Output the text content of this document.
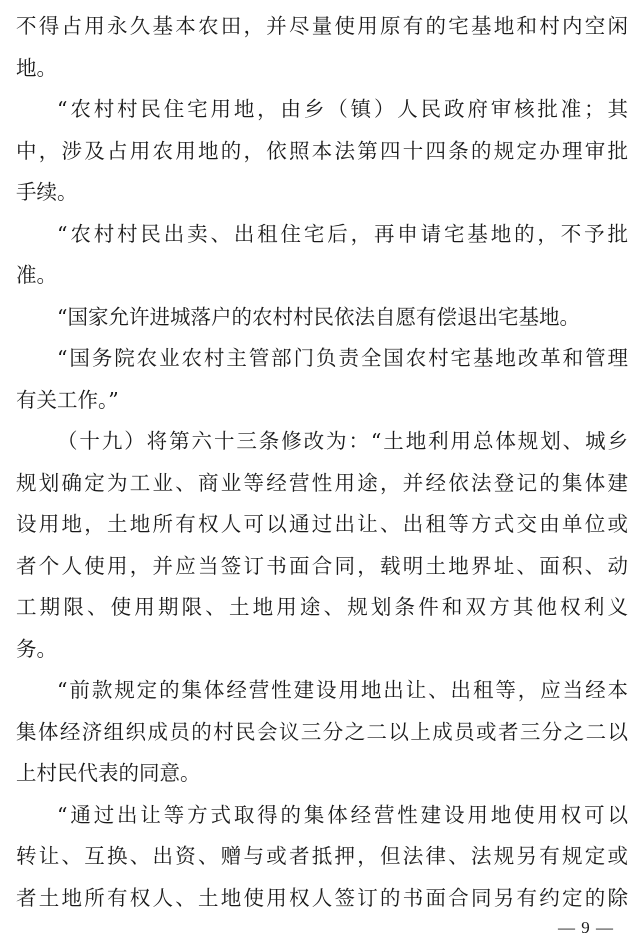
不得占用永久基本农田，并尽量使用原有的宅基地和村内空闲
地。
“农村村民住宅用地，由乡（镇）人民政府审核批准；其
中，涉及占用农用地的，依照本法第四十四条的规定办理审批
手续。
“农村村民出卖、出租住宅后，再申请宅基地的，不予批
准。
“国家允许进城落户的农村村民依法自愿有偿退出宅基地。
“国务院农业农村主管部门负责全国农村宅基地改革和管理
有关工作。”
（十九）将第六十三条修改为：“土地利用总体规划、城乡
规划确定为工业、商业等经营性用途，并经依法登记的集体建
设用地，土地所有权人可以通过出让、出租等方式交由单位或
者个人使用，并应当签订书面合同，载明土地界址、面积、动
工期限、使用期限、土地用途、规划条件和双方其他权利义
务。
“前款规定的集体经营性建设用地出让、出租等，应当经本
集体经济组织成员的村民会议三分之二以上成员或者三分之二以
上村民代表的同意。
“通过出让等方式取得的集体经营性建设用地使用权可以
转让、互换、出资、赠与或者抵押，但法律、法规另有规定或
者土地所有权人、土地使用权人签订的书面合同另有约定的除
— 9 —
